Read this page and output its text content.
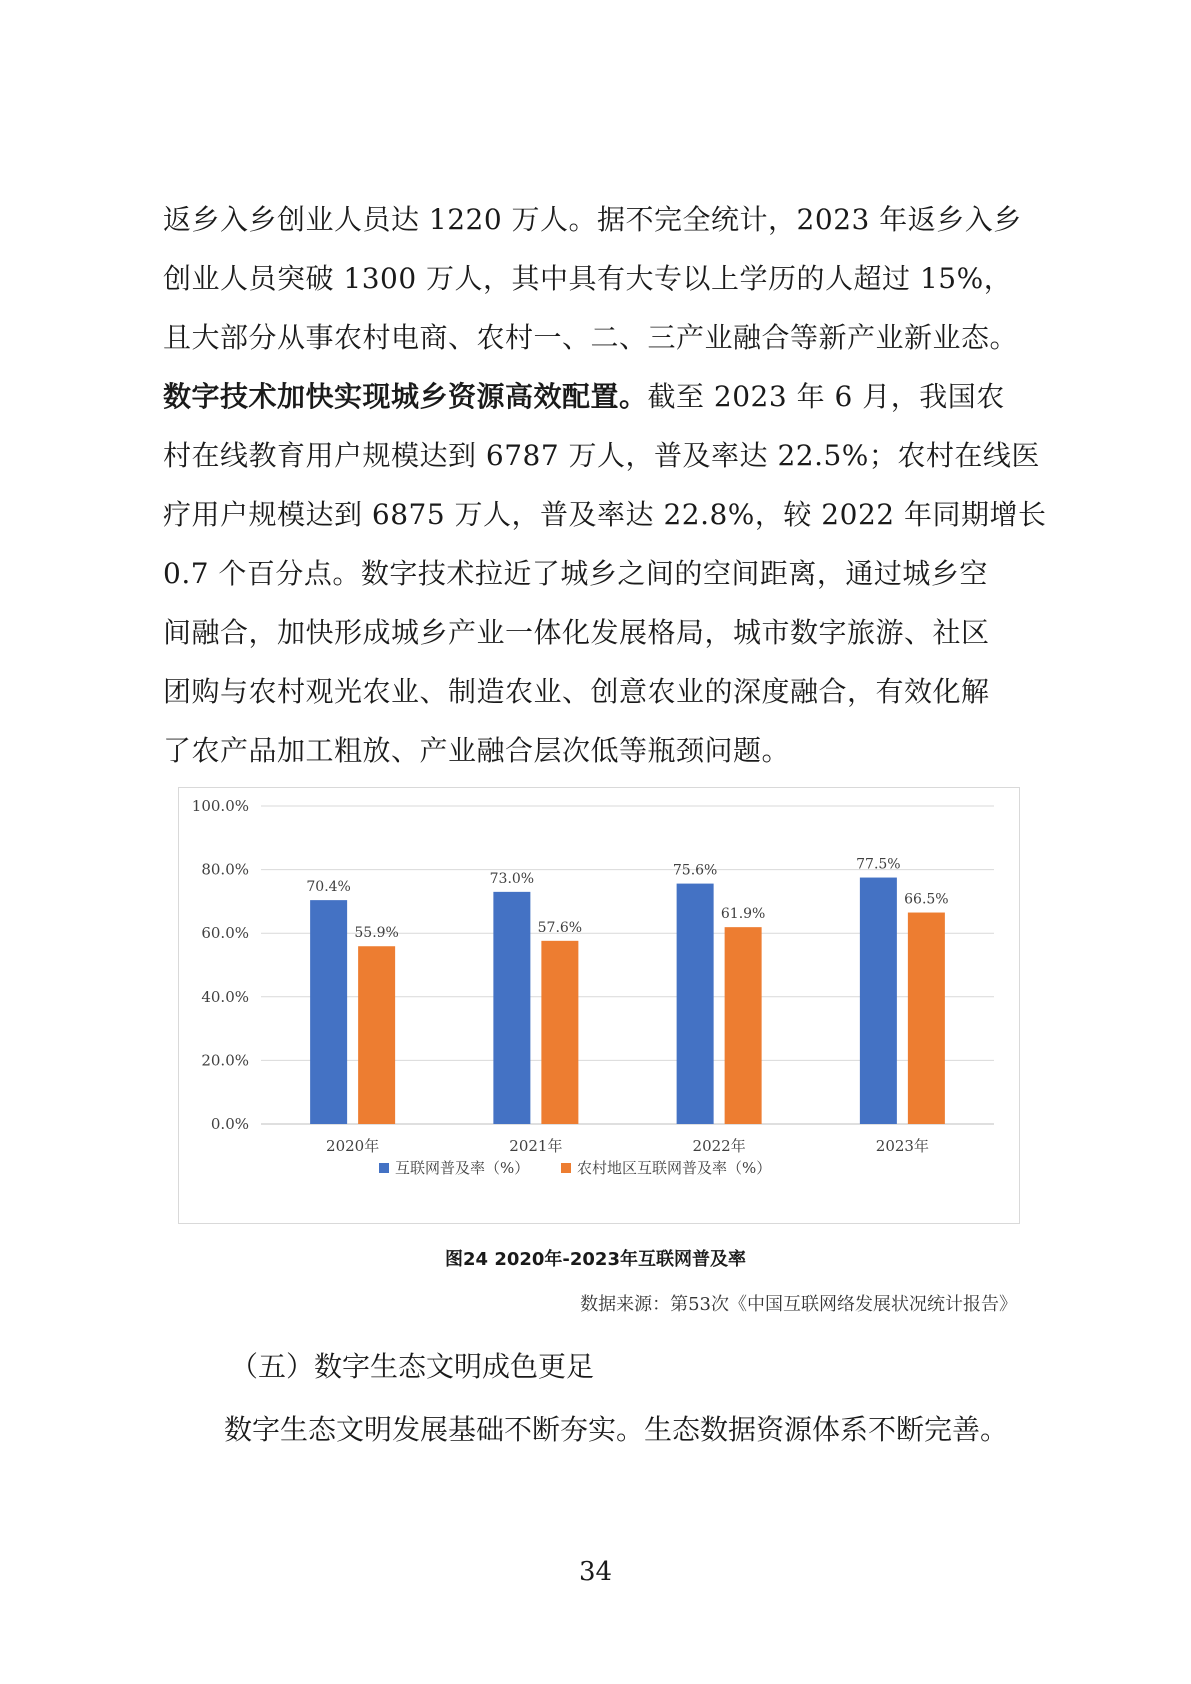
返乡入乡创业人员达 1220 万人。据不完全统计，2023 年返乡入乡
创业人员突破 1300 万人，其中具有大专以上学历的人超过 15%，
且大部分从事农村电商、农村一、二、三产业融合等新产业新业态。
数字技术加快实现城乡资源高效配置。截至 2023 年 6 月，我国农
村在线教育用户规模达到 6787 万人，普及率达 22.5%；农村在线医
疗用户规模达到 6875 万人，普及率达 22.8%，较 2022 年同期增长
0.7 个百分点。数字技术拉近了城乡之间的空间距离，通过城乡空
间融合，加快形成城乡产业一体化发展格局，城市数字旅游、社区
团购与农村观光农业、制造农业、创意农业的深度融合，有效化解
了农产品加工粗放、产业融合层次低等瓶颈问题。
0.0%
20.0%
40.0%
60.0%
80.0%
100.0%
70.4%
55.9%
2020年
73.0%
57.6%
2021年
75.6%
61.9%
2022年
77.5%
66.5%
2023年
互联网普及率（%）	农村地区互联网普及率（%）
图24 2020年-2023年互联网普及率
数据来源：第53次《中国互联网络发展状况统计报告》
（五）数字生态文明成色更足

数字生态文明发展基础不断夯实。生态数据资源体系不断完善。

34
